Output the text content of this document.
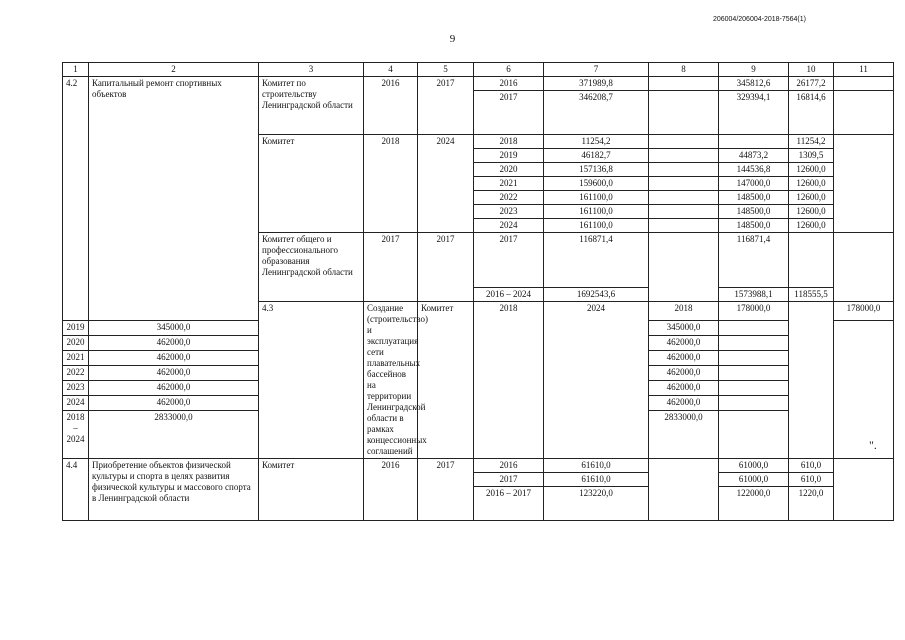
206004/206004-2018-7564(1)
9
1	2	3	4	5	6	7	8	9	10	11	
4.2	Капитальный ремонт спортивных объектов	Комитет по строительству Ленинградской области	2016	2017	2016	371989,8		345812,6	26177,2		
					2017	346208,7		329394,1	16814,6		
		Комитет	2018	2024	2018	11254,2			11254,2		
					2019	46182,7		44873,2	1309,5		
					2020	157136,8		144536,8	12600,0		
					2021	159600,0		147000,0	12600,0		
					2022	161100,0		148500,0	12600,0		
					2023	161100,0		148500,0	12600,0		
					2024	161100,0		148500,0	12600,0		
		Комитет общего и профессионального образования Ленинградской области	2017	2017	2017	116871,4		116871,4			
					2016 – 2024	1692543,6		1573988,1	118555,5		
		4.3	Создание (строительство) и эксплуатация сети плавательных бассейнов на территории Ленинградской области в рамках концессионных соглашений	Комитет	2018	2024	2018	178000,0		178000,0		
2019	345000,0						345000,0				
2020	462000,0						462000,0				
2021	462000,0						462000,0				
2022	462000,0						462000,0				
2023	462000,0						462000,0				
2024	462000,0						462000,0				
2018 – 2024	2833000,0						2833000,0				
4.4	Приобретение объектов физической культуры и спорта в целях развития физической культуры и массового спорта в Ленинградской области	Комитет	2016	2017	2016	61610,0		61000,0	610,0		
					2017	61610,0		61000,0	610,0		
					2016 – 2017	123220,0		122000,0	1220,0		
".
